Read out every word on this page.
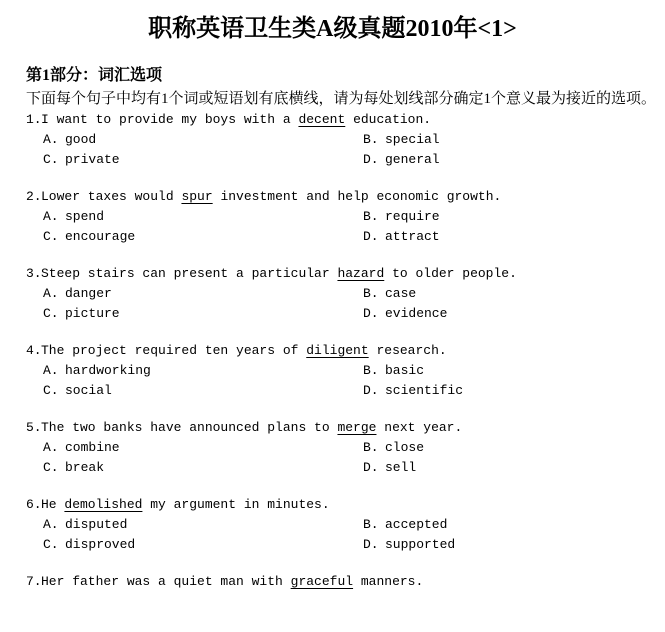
职称英语卫生类A级真题2010年<1>
第1部分：词汇选项
下面每个句子中均有1个词或短语划有底横线，请为每处划线部分确定1个意义最为接近的选项。
1.I want to provide my boys with a decent education.
A. good	B. special
C. private	D. general
2.Lower taxes would spur investment and help economic growth.
A. spend	B. require
C. encourage	D. attract
3.Steep stairs can present a particular hazard to older people.
A. danger	B. case
C. picture	D. evidence
4.The project required ten years of diligent research.
A. hardworking	B. basic
C. social	D. scientific
5.The two banks have announced plans to merge next year.
A. combine	B. close
C. break	D. sell
6.He demolished my argument in minutes.
A. disputed	B. accepted
C. disproved	D. supported
7.Her father was a quiet man with graceful manners.
